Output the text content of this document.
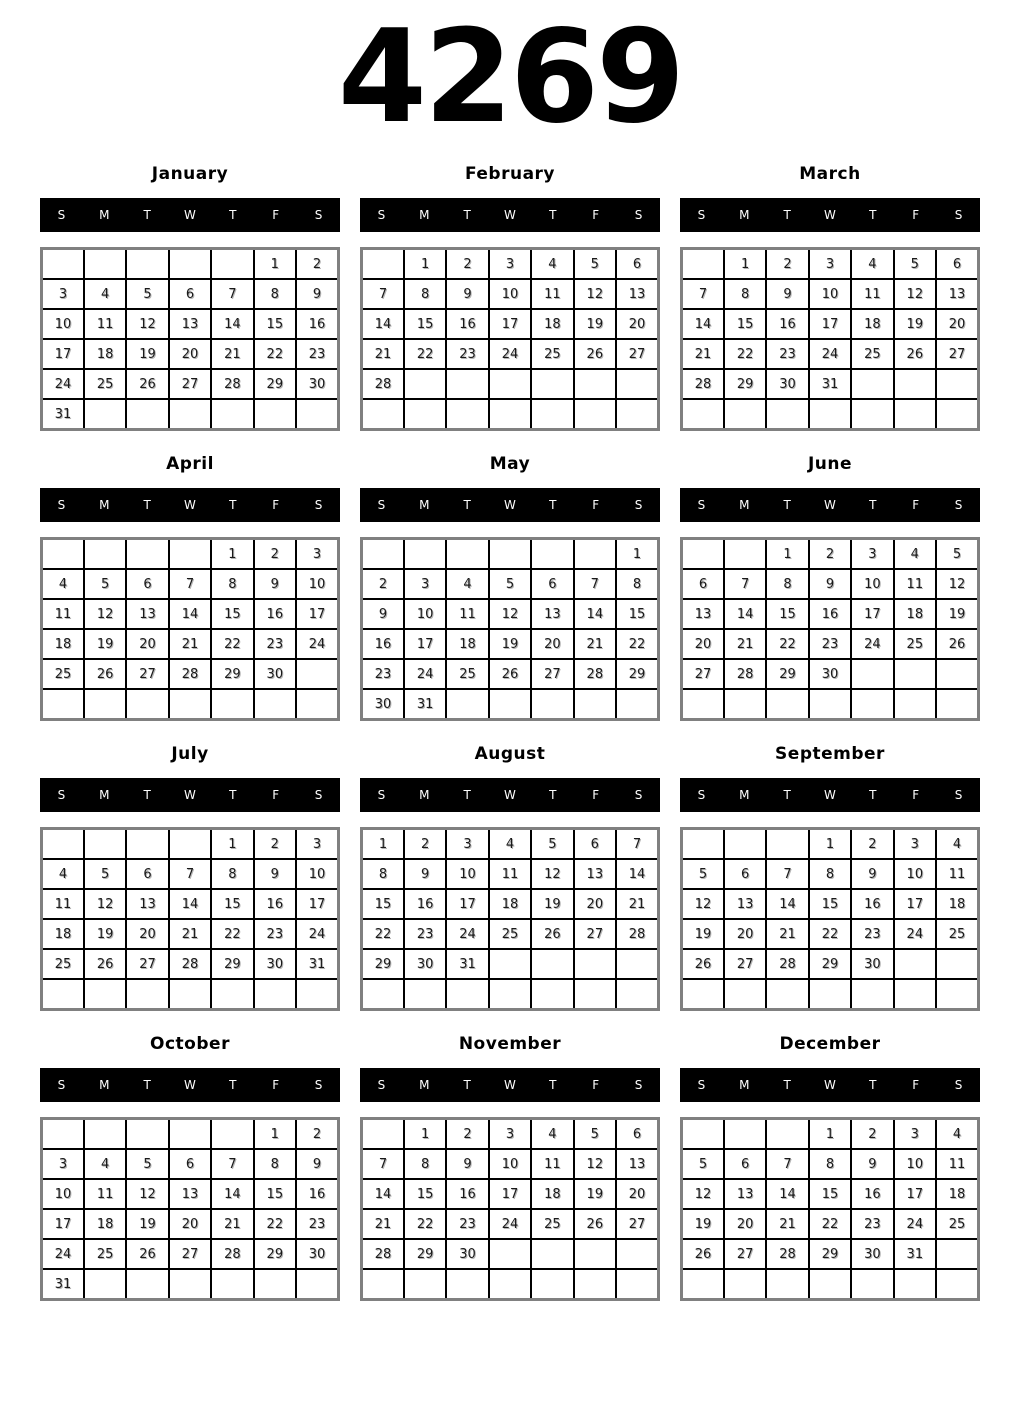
4269
January
S	M	T	W	T	F	S
					1	2
3	4	5	6	7	8	9
10	11	12	13	14	15	16
17	18	19	20	21	22	23
24	25	26	27	28	29	30
31						
February
S	M	T	W	T	F	S
	1	2	3	4	5	6
7	8	9	10	11	12	13
14	15	16	17	18	19	20
21	22	23	24	25	26	27
28						

March
S	M	T	W	T	F	S
	1	2	3	4	5	6
7	8	9	10	11	12	13
14	15	16	17	18	19	20
21	22	23	24	25	26	27
28	29	30	31			

April
S	M	T	W	T	F	S
				1	2	3
4	5	6	7	8	9	10
11	12	13	14	15	16	17
18	19	20	21	22	23	24
25	26	27	28	29	30	

May
S	M	T	W	T	F	S
						1
2	3	4	5	6	7	8
9	10	11	12	13	14	15
16	17	18	19	20	21	22
23	24	25	26	27	28	29
30	31					
June
S	M	T	W	T	F	S
		1	2	3	4	5
6	7	8	9	10	11	12
13	14	15	16	17	18	19
20	21	22	23	24	25	26
27	28	29	30			

July
S	M	T	W	T	F	S
				1	2	3
4	5	6	7	8	9	10
11	12	13	14	15	16	17
18	19	20	21	22	23	24
25	26	27	28	29	30	31

August
S	M	T	W	T	F	S
1	2	3	4	5	6	7
8	9	10	11	12	13	14
15	16	17	18	19	20	21
22	23	24	25	26	27	28
29	30	31				

September
S	M	T	W	T	F	S
			1	2	3	4
5	6	7	8	9	10	11
12	13	14	15	16	17	18
19	20	21	22	23	24	25
26	27	28	29	30		

October
S	M	T	W	T	F	S
					1	2
3	4	5	6	7	8	9
10	11	12	13	14	15	16
17	18	19	20	21	22	23
24	25	26	27	28	29	30
31						
November
S	M	T	W	T	F	S
	1	2	3	4	5	6
7	8	9	10	11	12	13
14	15	16	17	18	19	20
21	22	23	24	25	26	27
28	29	30				

December
S	M	T	W	T	F	S
			1	2	3	4
5	6	7	8	9	10	11
12	13	14	15	16	17	18
19	20	21	22	23	24	25
26	27	28	29	30	31	
